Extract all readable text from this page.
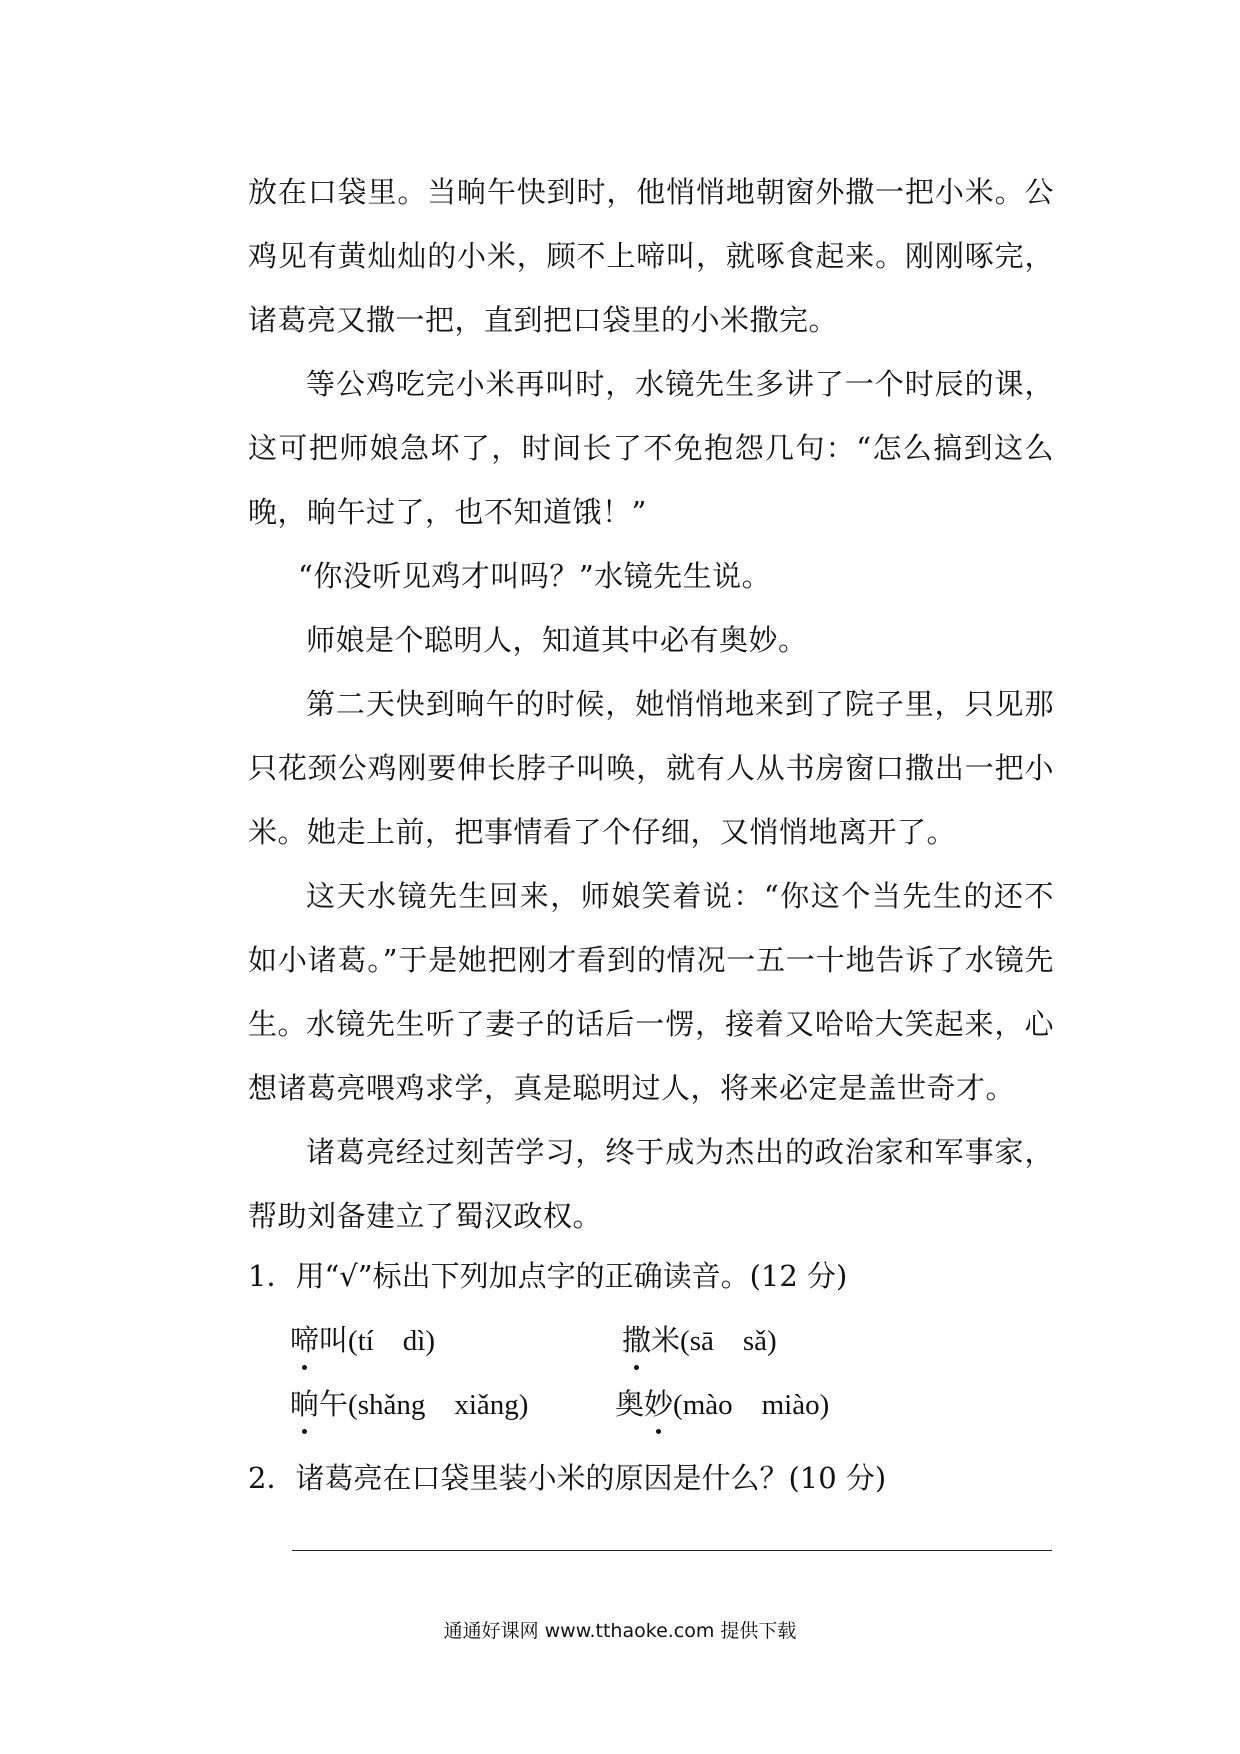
放在口袋里。当晌午快到时，他悄悄地朝窗外撒一把小米。公鸡见有黄灿灿的小米，顾不上啼叫，就啄食起来。刚刚啄完，诸葛亮又撒一把，直到把口袋里的小米撒完。

等公鸡吃完小米再叫时，水镜先生多讲了一个时辰的课，这可把师娘急坏了，时间长了不免抱怨几句：“怎么搞到这么晚，晌午过了，也不知道饿！”

“你没听见鸡才叫吗？”水镜先生说。

师娘是个聪明人，知道其中必有奥妙。

第二天快到晌午的时候，她悄悄地来到了院子里，只见那只花颈公鸡刚要伸长脖子叫唤，就有人从书房窗口撒出一把小米。她走上前，把事情看了个仔细，又悄悄地离开了。

这天水镜先生回来，师娘笑着说：“你这个当先生的还不如小诸葛。”于是她把刚才看到的情况一五一十地告诉了水镜先生。

水镜先生听了妻子的话后一愣，接着又哈哈大笑起来，心想诸葛亮喂鸡求学，真是聪明过人，将来必定是盖世奇才。

诸葛亮经过刻苦学习，终于成为杰出的政治家和军事家，帮助刘备建立了蜀汉政权。

1．用“√”标出下列加点字的正确读音。(12 分)

啼叫(tí　dì)	撒米(sā　sǎ)
晌午(shǎng　xiǎng)	奥妙(mào　miào)

2．诸葛亮在口袋里装小米的原因是什么？(10 分)

通通好课网 www.tthaoke.com 提供下载
